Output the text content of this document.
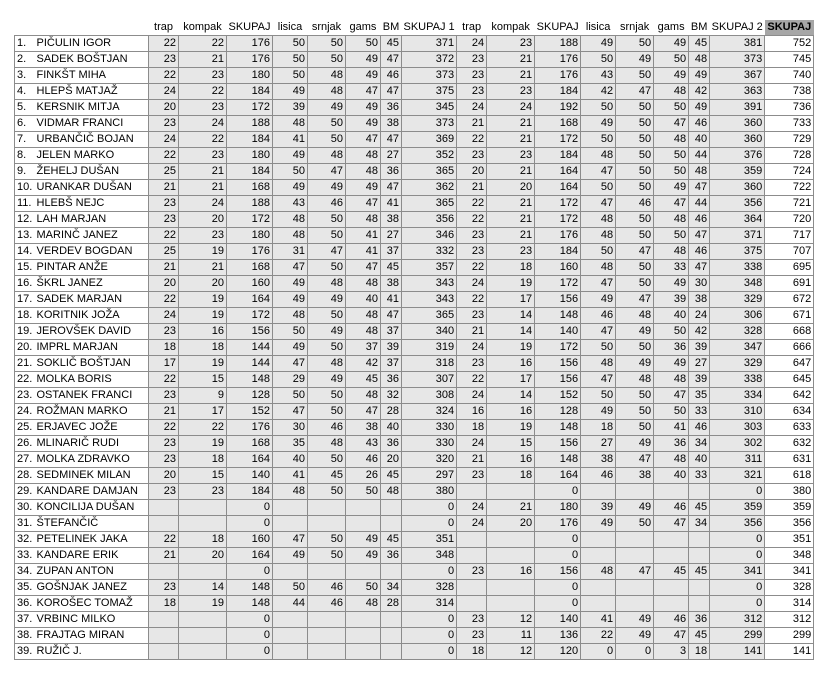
		trap	kompak	SKUPAJ	lisica	srnjak	gams	BM	SKUPAJ 1	trap	kompak	SKUPAJ	lisica	srnjak	gams	BM	SKUPAJ 2	SKUPAJ
1.	PIČULIN IGOR	22	22	176	50	50	50	45	371	24	23	188	49	50	49	45	381	752
2.	SADEK BOŠTJAN	23	21	176	50	50	49	47	372	23	21	176	50	49	50	48	373	745
3.	FINKŠT MIHA	22	23	180	50	48	49	46	373	23	21	176	43	50	49	49	367	740
4.	HLEPŠ MATJAŽ	24	22	184	49	48	47	47	375	23	23	184	42	47	48	42	363	738
5.	KERSNIK MITJA	20	23	172	39	49	49	36	345	24	24	192	50	50	50	49	391	736
6.	VIDMAR FRANCI	23	24	188	48	50	49	38	373	21	21	168	49	50	47	46	360	733
7.	URBANČIČ BOJAN	24	22	184	41	50	47	47	369	22	21	172	50	50	48	40	360	729
8.	JELEN MARKO	22	23	180	49	48	48	27	352	23	23	184	48	50	50	44	376	728
9.	ŽEHELJ DUŠAN	25	21	184	50	47	48	36	365	20	21	164	47	50	50	48	359	724
10.	URANKAR DUŠAN	21	21	168	49	49	49	47	362	21	20	164	50	50	49	47	360	722
11.	HLEBŠ NEJC	23	24	188	43	46	47	41	365	22	21	172	47	46	47	44	356	721
12.	LAH MARJAN	23	20	172	48	50	48	38	356	22	21	172	48	50	48	46	364	720
13.	MARINČ JANEZ	22	23	180	48	50	41	27	346	23	21	176	48	50	50	47	371	717
14.	VERDEV BOGDAN	25	19	176	31	47	41	37	332	23	23	184	50	47	48	46	375	707
15.	PINTAR ANŽE	21	21	168	47	50	47	45	357	22	18	160	48	50	33	47	338	695
16.	ŠKRL JANEZ	20	20	160	49	48	48	38	343	24	19	172	47	50	49	30	348	691
17.	SADEK MARJAN	22	19	164	49	49	40	41	343	22	17	156	49	47	39	38	329	672
18.	KORITNIK JOŽA	24	19	172	48	50	48	47	365	23	14	148	46	48	40	24	306	671
19.	JEROVŠEK DAVID	23	16	156	50	49	48	37	340	21	14	140	47	49	50	42	328	668
20.	IMPRL MARJAN	18	18	144	49	50	37	39	319	24	19	172	50	50	36	39	347	666
21.	SOKLIČ BOŠTJAN	17	19	144	47	48	42	37	318	23	16	156	48	49	49	27	329	647
22.	MOLKA BORIS	22	15	148	29	49	45	36	307	22	17	156	47	48	48	39	338	645
23.	OSTANEK FRANCI	23	9	128	50	50	48	32	308	24	14	152	50	50	47	35	334	642
24.	ROŽMAN MARKO	21	17	152	47	50	47	28	324	16	16	128	49	50	50	33	310	634
25.	ERJAVEC JOŽE	22	22	176	30	46	38	40	330	18	19	148	18	50	41	46	303	633
26.	MLINARIČ RUDI	23	19	168	35	48	43	36	330	24	15	156	27	49	36	34	302	632
27.	MOLKA ZDRAVKO	23	18	164	40	50	46	20	320	21	16	148	38	47	48	40	311	631
28.	SEDMINEK MILAN	20	15	140	41	45	26	45	297	23	18	164	46	38	40	33	321	618
29.	KANDARE DAMJAN	23	23	184	48	50	50	48	380			0					0	380
30.	KONCILIJA DUŠAN			0					0	24	21	180	39	49	46	45	359	359
31.	ŠTEFANČIČ			0					0	24	20	176	49	50	47	34	356	356
32.	PETELINEK JAKA	22	18	160	47	50	49	45	351			0					0	351
33.	KANDARE ERIK	21	20	164	49	50	49	36	348			0					0	348
34.	ZUPAN ANTON			0					0	23	16	156	48	47	45	45	341	341
35.	GOŠNJAK JANEZ	23	14	148	50	46	50	34	328			0					0	328
36.	KOROŠEC TOMAŽ	18	19	148	44	46	48	28	314			0					0	314
37.	VRBINC MILKO			0					0	23	12	140	41	49	46	36	312	312
38.	FRAJTAG MIRAN			0					0	23	11	136	22	49	47	45	299	299
39.	RUŽIČ J.			0					0	18	12	120	0	0	3	18	141	141
